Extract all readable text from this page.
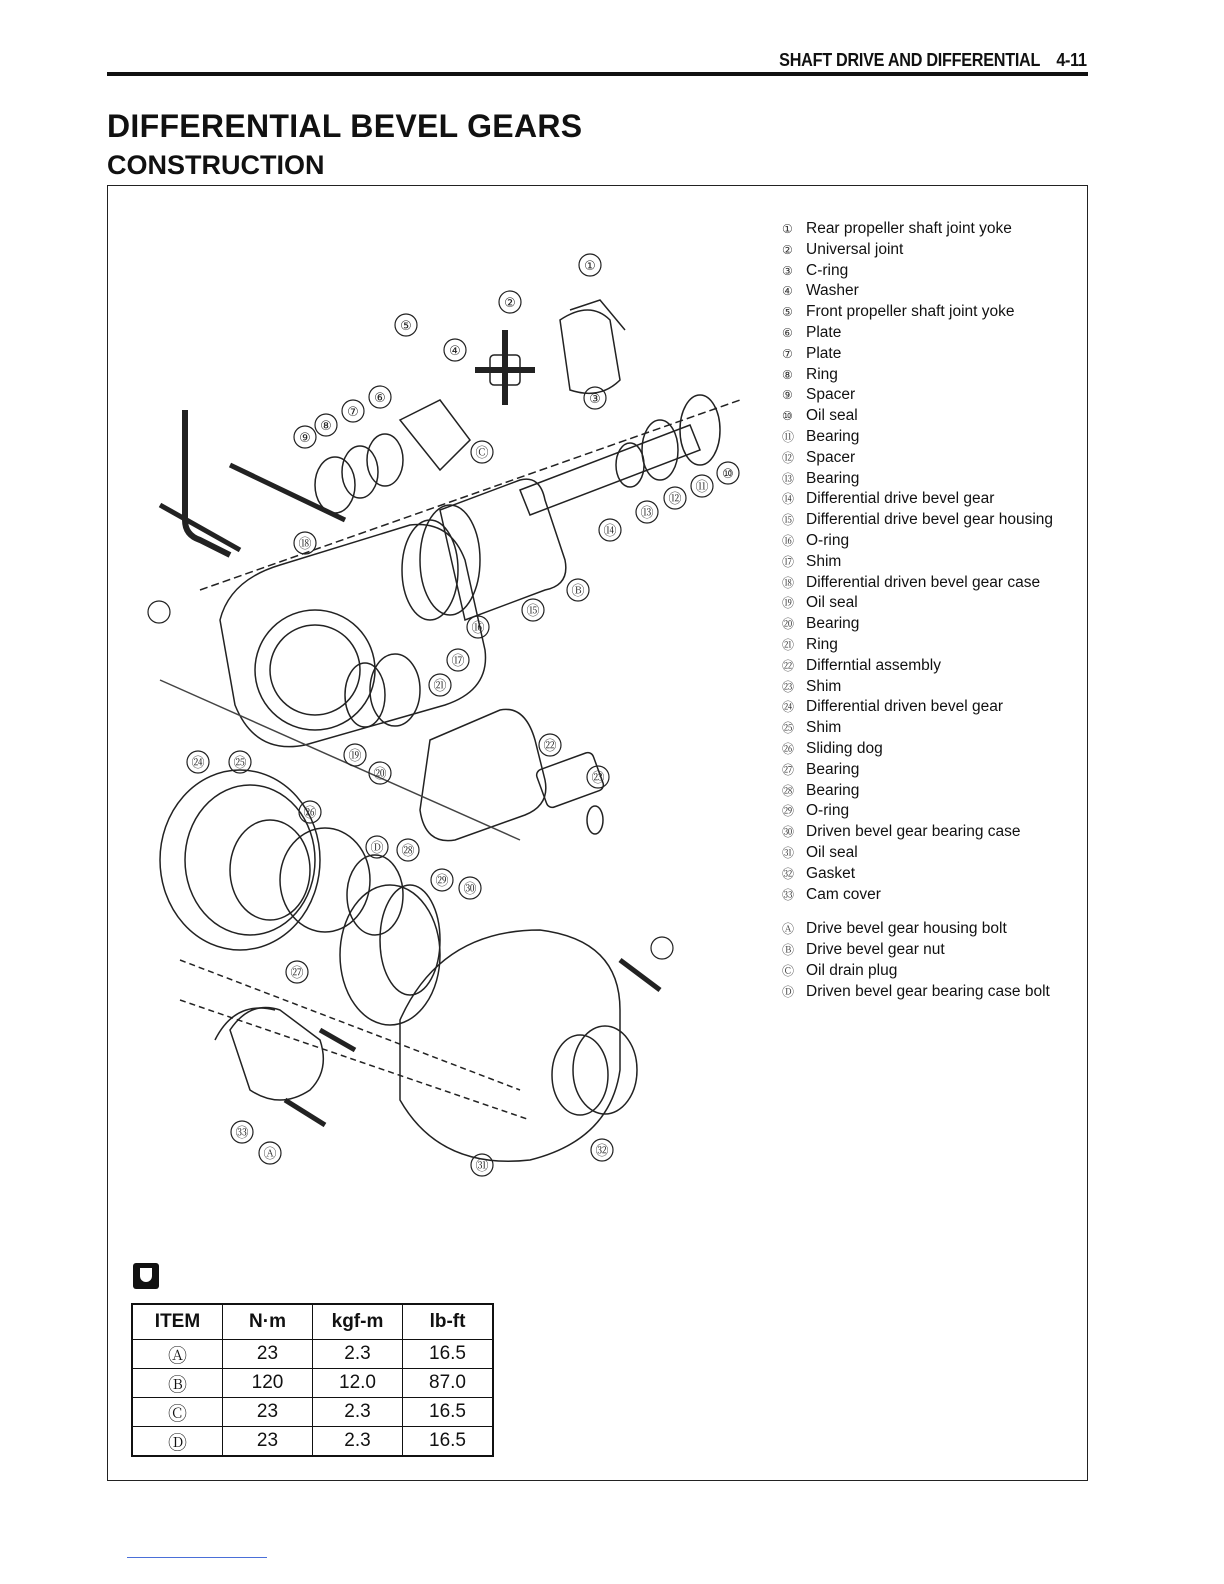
SHAFT DRIVE AND DIFFERENTIAL 4-11
DIFFERENTIAL BEVEL GEARS
CONSTRUCTION
①
②
③
④
⑤
⑥
⑦
⑧
⑨
⑩
⑪
⑫
⑬
⑭
⑮
⑯
⑰
⑱
⑲
⑳
㉑
㉒
㉓
㉔ ㉕
㉖
㉗
㉘
㉙
㉚
㉛
㉜
㉝
Ⓐ
Ⓑ
Ⓒ
Ⓓ
① Rear propeller shaft joint yoke
② Universal joint
③ C-ring
④ Washer
⑤ Front propeller shaft joint yoke
⑥ Plate
⑦ Plate
⑧ Ring
⑨ Spacer
⑩ Oil seal
⑪ Bearing
⑫ Spacer
⑬ Bearing
⑭ Differential drive bevel gear
⑮ Differential drive bevel gear housing
⑯ O-ring
⑰ Shim
⑱ Differential driven bevel gear case
⑲ Oil seal
⑳ Bearing
㉑ Ring
㉒ Differntial assembly
㉓ Shim
㉔ Differential driven bevel gear
㉕ Shim
㉖ Sliding dog
㉗ Bearing
㉘ Bearing
㉙ O-ring
㉚ Driven bevel gear bearing case
㉛ Oil seal
㉜ Gasket
㉝ Cam cover
Ⓐ Drive bevel gear housing bolt
Ⓑ Drive bevel gear nut
Ⓒ Oil drain plug
Ⓓ Driven bevel gear bearing case bolt
ITEM	N·m	kgf-m	lb-ft
Ⓐ	23	2.3	16.5
Ⓑ	120	12.0	87.0
Ⓒ	23	2.3	16.5
Ⓓ	23	2.3	16.5
